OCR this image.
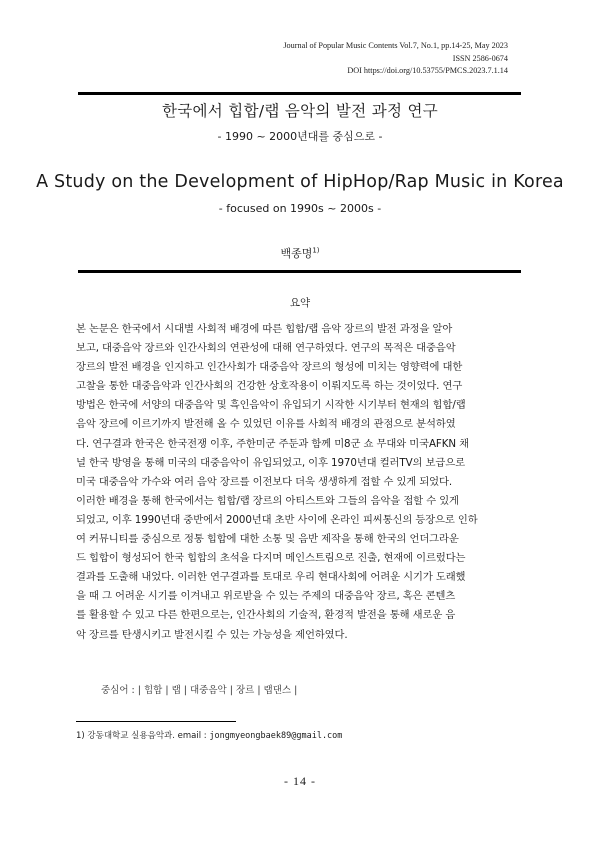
Journal of Popular Music Contents Vol.7, No.1, pp.14-25, May 2023
ISSN 2586-0674
DOI https://doi.org/10.53755/PMCS.2023.7.1.14
한국에서 힙합/랩 음악의 발전 과정 연구
- 1990 ~ 2000년대를 중심으로 -
A Study on the Development of HipHop/Rap Music in Korea
- focused on 1990s ~ 2000s -
백종명$^{1)}$
요약
본 논문은 한국에서 시대별 사회적 배경에 따른 힙합/랩 음악 장르의 발전 과정을 알아
보고, 대중음악 장르와 인간사회의 연관성에 대해 연구하였다. 연구의 목적은 대중음악
장르의 발전 배경을 인지하고 인간사회가 대중음악 장르의 형성에 미치는 영향력에 대한
고찰을 통한 대중음악과 인간사회의 건강한 상호작용이 이뤄지도록 하는 것이었다. 연구
방법은 한국에 서양의 대중음악 및 흑인음악이 유입되기 시작한 시기부터 현재의 힙합/랩
음악 장르에 이르기까지 발전해 올 수 있었던 이유를 사회적 배경의 관점으로 분석하였
다. 연구결과 한국은 한국전쟁 이후, 주한미군 주둔과 함께 미8군 쇼 무대와 미국AFKN 채
널 한국 방영을 통해 미국의 대중음악이 유입되었고, 이후 1970년대 컬러TV의 보급으로
미국 대중음악 가수와 여러 음악 장르를 이전보다 더욱 생생하게 접할 수 있게 되었다.
이러한 배경을 통해 한국에서는 힙합/랩 장르의 아티스트와 그들의 음악을 접할 수 있게
되었고, 이후 1990년대 중반에서 2000년대 초반 사이에 온라인 피씨통신의 등장으로 인하
여 커뮤니티를 중심으로 정통 힙합에 대한 소통 및 음반 제작을 통해 한국의 언더그라운
드 힙합이 형성되어 한국 힙합의 초석을 다지며 메인스트림으로 진출, 현재에 이르렀다는
결과를 도출해 내었다. 이러한 연구결과를 토대로 우리 현대사회에 어려운 시기가 도래했
을 때 그 어려운 시기를 이겨내고 위로받을 수 있는 주제의 대중음악 장르, 혹은 콘텐츠
를 활용할 수 있고 다른 한편으로는, 인간사회의 기술적, 환경적 발전을 통해 새로운 음
악 장르를 탄생시키고 발전시킬 수 있는 가능성을 제언하였다.
중심어 : | 힙합 | 랩 | 대중음악 | 장르 | 랩댄스 |
1) 강동대학교 실용음악과. email : jongmyeongbaek89@gmail.com
- 14 -
